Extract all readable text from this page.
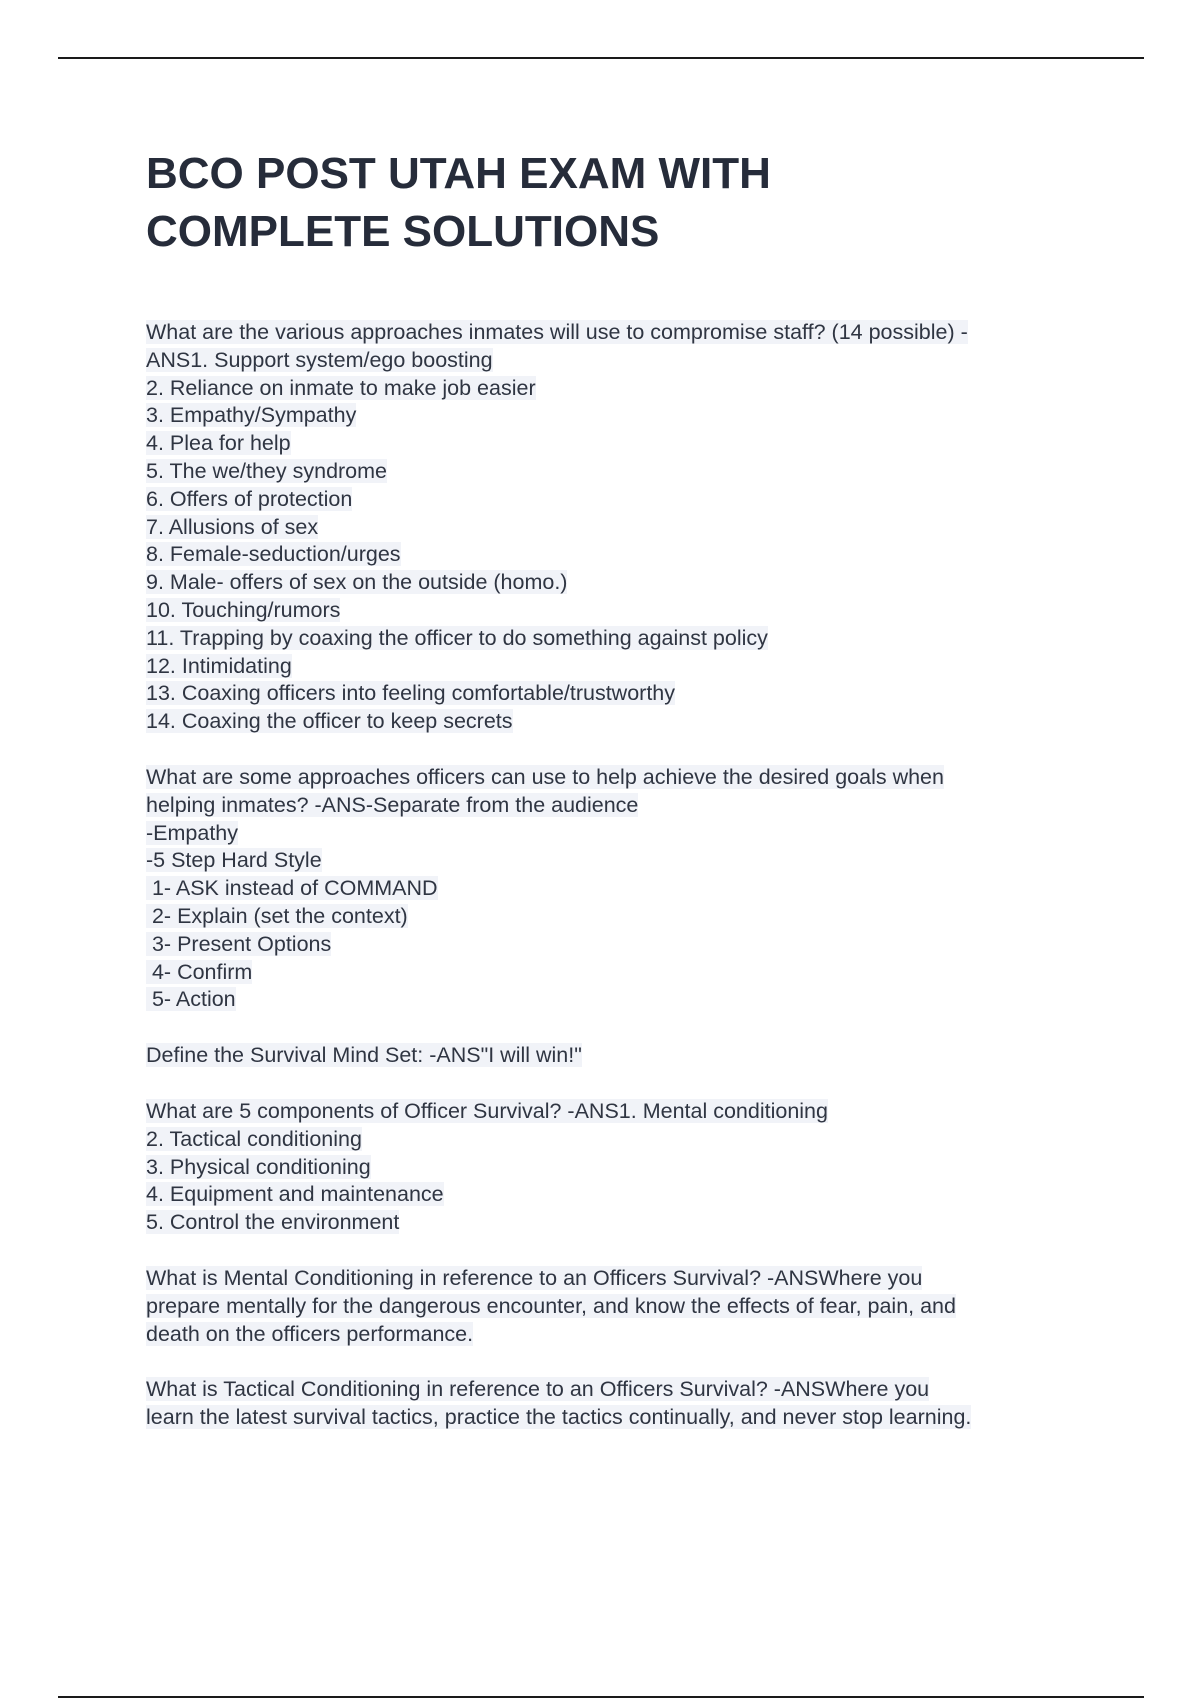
BCO POST UTAH EXAM WITH
COMPLETE SOLUTIONS
What are the various approaches inmates will use to compromise staff? (14 possible) -
ANS1. Support system/ego boosting
2. Reliance on inmate to make job easier
3. Empathy/Sympathy
4. Plea for help
5. The we/they syndrome
6. Offers of protection
7. Allusions of sex
8. Female-seduction/urges
9. Male- offers of sex on the outside (homo.)
10. Touching/rumors
11. Trapping by coaxing the officer to do something against policy
12. Intimidating
13. Coaxing officers into feeling comfortable/trustworthy
14. Coaxing the officer to keep secrets
What are some approaches officers can use to help achieve the desired goals when
helping inmates? -ANS-Separate from the audience
-Empathy
-5 Step Hard Style
1- ASK instead of COMMAND
2- Explain (set the context)
3- Present Options
4- Confirm
5- Action
Define the Survival Mind Set: -ANS"I will win!"
What are 5 components of Officer Survival? -ANS1. Mental conditioning
2. Tactical conditioning
3. Physical conditioning
4. Equipment and maintenance
5. Control the environment
What is Mental Conditioning in reference to an Officers Survival? -ANSWhere you
prepare mentally for the dangerous encounter, and know the effects of fear, pain, and
death on the officers performance.
What is Tactical Conditioning in reference to an Officers Survival? -ANSWhere you
learn the latest survival tactics, practice the tactics continually, and never stop learning.
